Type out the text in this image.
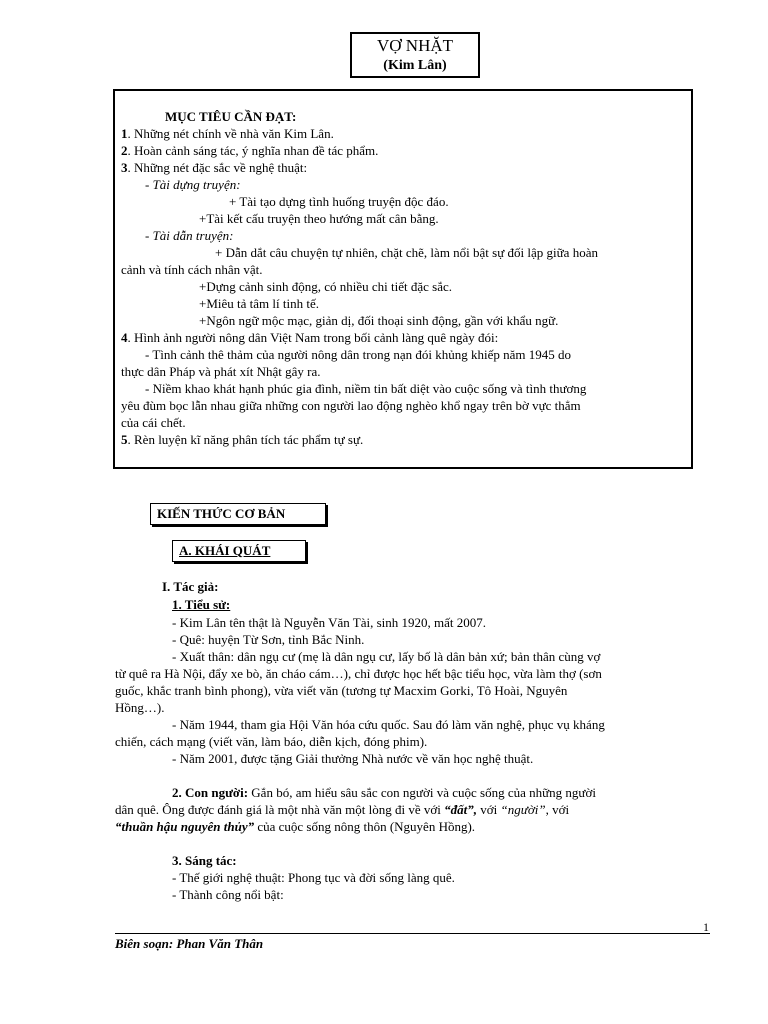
VỢ NHẶT
(Kim Lân)
MỤC TIÊU CẦN ĐẠT:
1. Những nét chính về nhà văn Kim Lân.
2. Hoàn cảnh sáng tác, ý nghĩa nhan đề tác phẩm.
3. Những nét đặc sắc về nghệ thuật:
- Tài dựng truyện:
+ Tài tạo dựng tình huống truyện độc đáo.
+Tài kết cấu truyện theo hướng mất cân bằng.
- Tài dẫn truyện:
+ Dẫn dắt câu chuyện tự nhiên, chặt chẽ, làm nổi bật sự đối lập giữa hoàn
cảnh và tính cách nhân vật.
+Dựng cảnh sinh động, có nhiều chi tiết đặc sắc.
+Miêu tả tâm lí tinh tế.
+Ngôn ngữ mộc mạc, giản dị, đối thoại sinh động, gần với khẩu ngữ.
4. Hình ảnh người nông dân Việt Nam trong bối cảnh làng quê ngày đói:
- Tình cảnh thê thảm của người nông dân trong nạn đói khủng khiếp năm 1945 do
thực dân Pháp và phát xít Nhật gây ra.
- Niềm khao khát hạnh phúc gia đình, niềm tin bất diệt vào cuộc sống và tình thương
yêu đùm bọc lẫn nhau giữa những con người lao động nghèo khổ ngay trên bờ vực thẳm
của cái chết.
5. Rèn luyện kĩ năng phân tích tác phẩm tự sự.
KIẾN THỨC CƠ BẢN
A. KHÁI QUÁT
I. Tác giả:
1. Tiểu sử:
- Kim Lân tên thật là Nguyễn Văn Tài, sinh 1920, mất 2007.
- Quê: huyện Từ Sơn, tỉnh Bắc Ninh.
- Xuất thân: dân ngụ cư (mẹ là dân ngụ cư, lấy bố là dân bản xứ; bản thân cùng vợ
từ quê ra Hà Nội, đẩy xe bò, ăn cháo cám…), chỉ được học hết bậc tiểu học, vừa làm thợ (sơn
guốc, khắc tranh bình phong), vừa viết văn (tương tự Macxim Gorki, Tô Hoài, Nguyên
Hồng…).
- Năm 1944, tham gia Hội Văn hóa cứu quốc. Sau đó làm văn nghệ, phục vụ kháng
chiến, cách mạng (viết văn, làm báo, diễn kịch, đóng phim).
- Năm 2001, được tặng Giải thưởng Nhà nước về văn học nghệ thuật.
2. Con người: Gắn bó, am hiểu sâu sắc con người và cuộc sống của những người
dân quê. Ông được đánh giá là một nhà văn một lòng đi về với “đất”, với “người”, với
“thuần hậu nguyên thủy” của cuộc sống nông thôn (Nguyên Hồng).
3. Sáng tác:
- Thế giới nghệ thuật: Phong tục và đời sống làng quê.
- Thành công nổi bật:
1
Biên soạn: Phan Văn Thân
